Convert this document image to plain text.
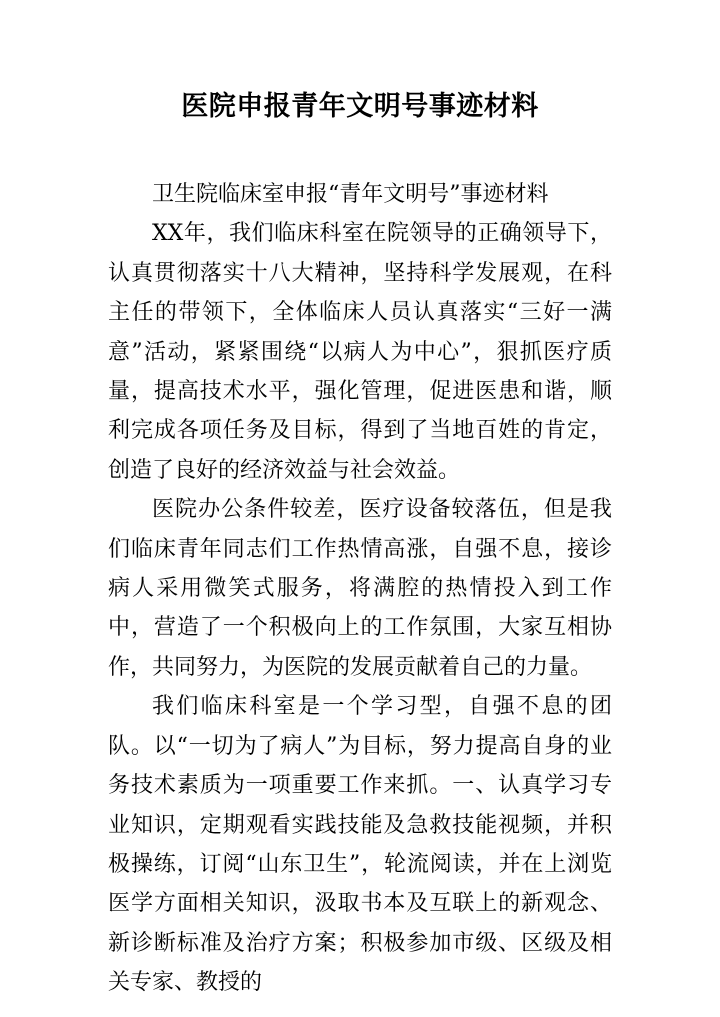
医院申报青年文明号事迹材料

卫生院临床室申报“青年文明号”事迹材料

XX年，我们临床科室在院领导的正确领导下，认真贯彻落实十八大精神，坚持科学发展观，在科主任的带领下，全体临床人员认真落实“三好一满意”活动，紧紧围绕“以病人为中心”，狠抓医疗质量，提高技术水平，强化管理，促进医患和谐，顺利完成各项任务及目标，得到了当地百姓的肯定，创造了良好的经济效益与社会效益。

医院办公条件较差，医疗设备较落伍，但是我们临床青年同志们工作热情高涨，自强不息，接诊病人采用微笑式服务，将满腔的热情投入到工作中，营造了一个积极向上的工作氛围，大家互相协作，共同努力，为医院的发展贡献着自己的力量。

我们临床科室是一个学习型，自强不息的团队。以“一切为了病人”为目标，努力提高自身的业务技术素质为一项重要工作来抓。一、认真学习专业知识，定期观看实践技能及急救技能视频，并积极操练，订阅“山东卫生”，轮流阅读，并在上浏览医学方面相关知识，汲取书本及互联上的新观念、新诊断标准及治疗方案；积极参加市级、区级及相关专家、教授的
